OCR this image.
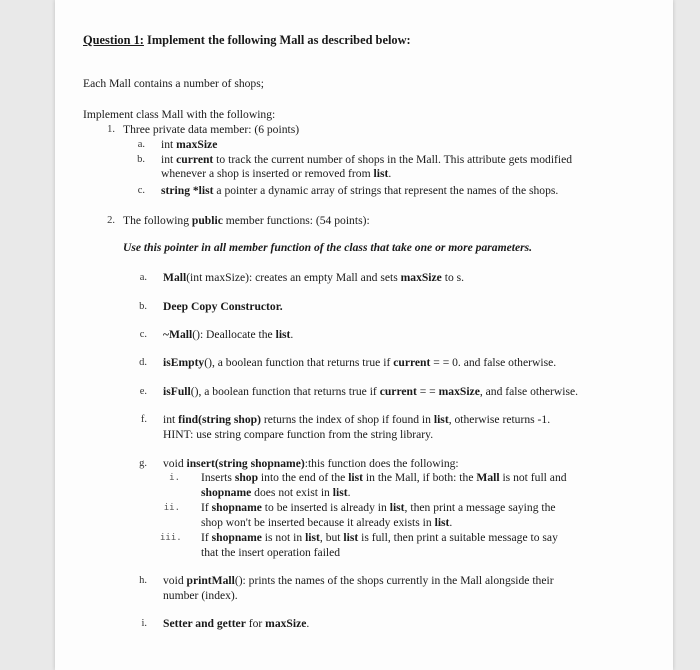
Question 1: Implement the following Mall as described below:
Each Mall contains a number of shops;
Implement class Mall with the following:
1. Three private data member: (6 points)
a. int maxSize
b. int current to track the current number of shops in the Mall. This attribute gets modified
whenever a shop is inserted or removed from list.
c. string *list a pointer a dynamic array of strings that represent the names of the shops.
2. The following public member functions: (54 points):
Use this pointer in all member function of the class that take one or more parameters.
a. Mall(int maxSize): creates an empty Mall and sets maxSize to s.
b. Deep Copy Constructor.
c. ~Mall(): Deallocate the list.
d. isEmpty(), a boolean function that returns true if current = = 0. and false otherwise.
e. isFull(), a boolean function that returns true if current = = maxSize, and false otherwise.
f. int find(string shop) returns the index of shop if found in list, otherwise returns -1.
HINT: use string compare function from the string library.
g. void insert(string shopname):this function does the following:
i. Inserts shop into the end of the list in the Mall, if both: the Mall is not full and
shopname does not exist in list.
ii. If shopname to be inserted is already in list, then print a message saying the
shop won't be inserted because it already exists in list.
iii. If shopname is not in list, but list is full, then print a suitable message to say
that the insert operation failed
h. void printMall(): prints the names of the shops currently in the Mall alongside their
number (index).
i. Setter and getter for maxSize.
